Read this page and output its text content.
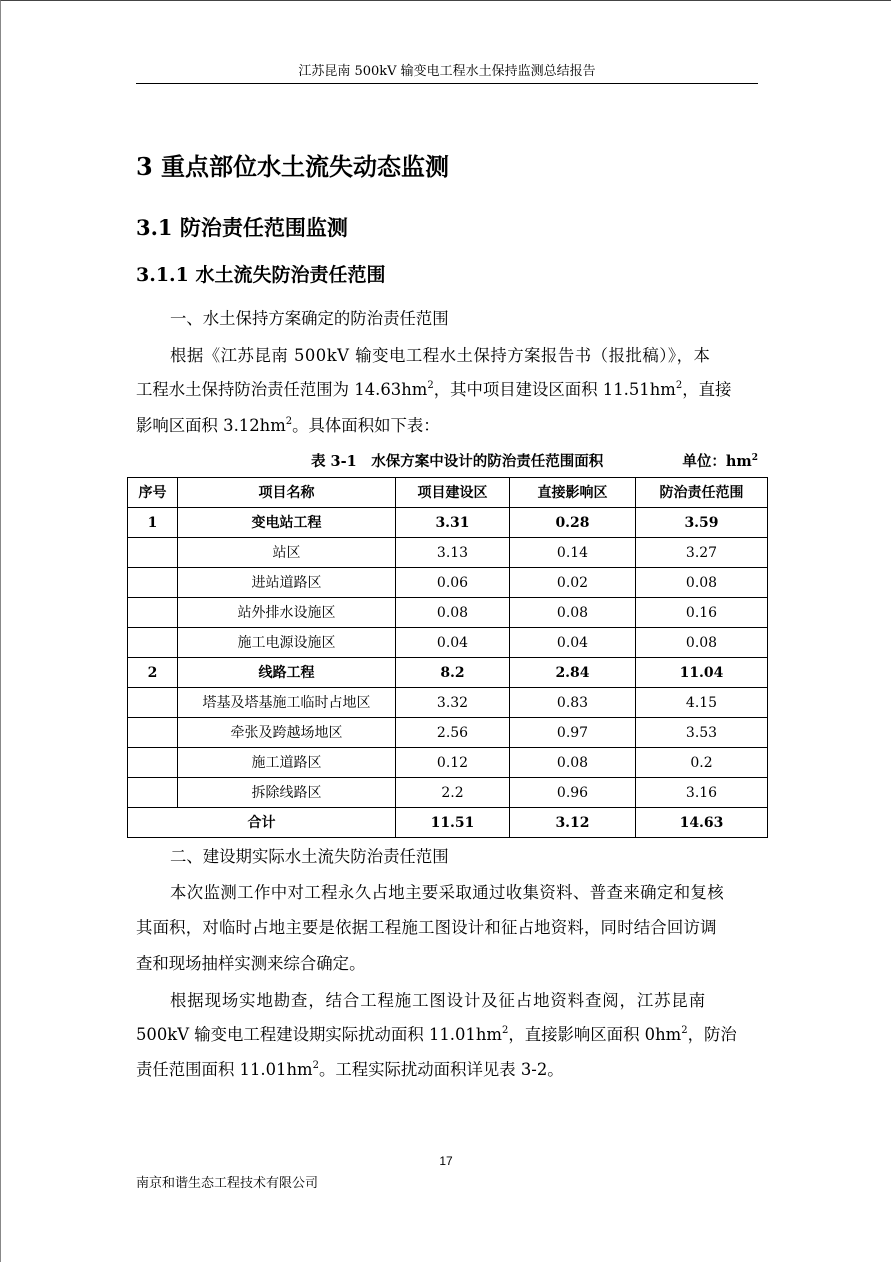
江苏昆南 500kV 输变电工程水土保持监测总结报告
3 重点部位水土流失动态监测
3.1 防治责任范围监测
3.1.1 水土流失防治责任范围
一、水土保持方案确定的防治责任范围
根据《江苏昆南 500kV 输变电工程水土保持方案报告书（报批稿）》，本
工程水土保持防治责任范围为 $14.63hm^2$，其中项目建设区面积 $11.51hm^2$，直接
影响区面积 $3.12hm^2$。具体面积如下表：
表 3-1　水保方案中设计的防治责任范围面积	单位：$hm^2$
序号	项目名称	项目建设区	直接影响区	防治责任范围
1	变电站工程	3.31	0.28	3.59
	站区	3.13	0.14	3.27
	进站道路区	0.06	0.02	0.08
	站外排水设施区	0.08	0.08	0.16
	施工电源设施区	0.04	0.04	0.08
2	线路工程	8.2	2.84	11.04
	塔基及塔基施工临时占地区	3.32	0.83	4.15
	牵张及跨越场地区	2.56	0.97	3.53
	施工道路区	0.12	0.08	0.2
	拆除线路区	2.2	0.96	3.16
合计		11.51	3.12	14.63
二、建设期实际水土流失防治责任范围
本次监测工作中对工程永久占地主要采取通过收集资料、普查来确定和复核
其面积，对临时占地主要是依据工程施工图设计和征占地资料，同时结合回访调
查和现场抽样实测来综合确定。
根据现场实地勘查，结合工程施工图设计及征占地资料查阅，江苏昆南
500kV 输变电工程建设期实际扰动面积 $11.01hm^2$，直接影响区面积 $0hm^2$，防治
责任范围面积 $11.01hm^2$。工程实际扰动面积详见表 3-2。
17
南京和谐生态工程技术有限公司
